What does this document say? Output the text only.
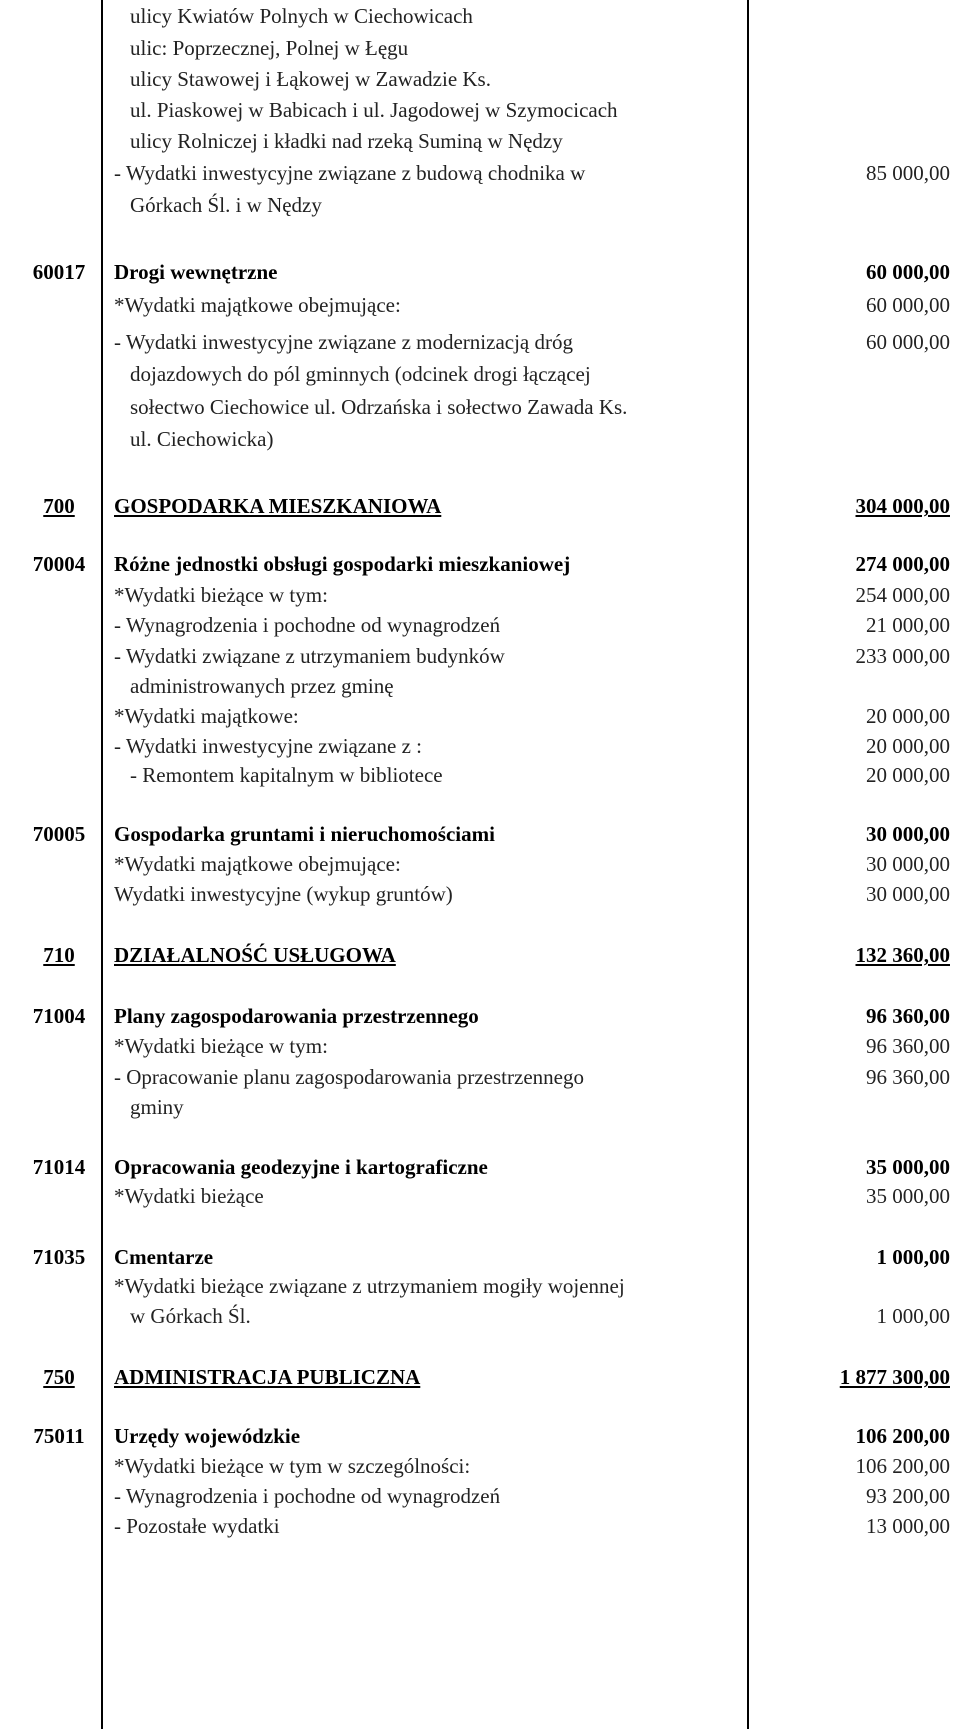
ulicy Kwiatów Polnych w Ciechowicach
ulic: Poprzecznej, Polnej w Łęgu
ulicy Stawowej i Łąkowej w Zawadzie Ks.
ul. Piaskowej w Babicach i ul. Jagodowej w Szymocicach
ulicy Rolniczej i kładki nad rzeką Suminą w Nędzy
- Wydatki inwestycyjne związane z budową chodnika w	85 000,00
Górkach Śl. i w Nędzy
60017	Drogi wewnętrzne	60 000,00
*Wydatki majątkowe obejmujące:	60 000,00
- Wydatki inwestycyjne związane z modernizacją dróg	60 000,00
dojazdowych do pól gminnych (odcinek drogi łączącej
sołectwo Ciechowice ul. Odrzańska i sołectwo Zawada Ks.
ul. Ciechowicka)
700	GOSPODARKA MIESZKANIOWA	304 000,00
70004	Różne jednostki obsługi gospodarki mieszkaniowej	274 000,00
*Wydatki bieżące w tym:	254 000,00
- Wynagrodzenia i pochodne od wynagrodzeń	21 000,00
- Wydatki związane z utrzymaniem budynków	233 000,00
administrowanych przez gminę
*Wydatki majątkowe:	20 000,00
- Wydatki inwestycyjne związane z :	20 000,00
- Remontem kapitalnym w bibliotece	20 000,00
70005	Gospodarka gruntami i nieruchomościami	30 000,00
*Wydatki majątkowe obejmujące:	30 000,00
Wydatki inwestycyjne (wykup gruntów)	30 000,00
710	DZIAŁALNOŚĆ USŁUGOWA	132 360,00
71004	Plany zagospodarowania przestrzennego	96 360,00
*Wydatki bieżące w tym:	96 360,00
- Opracowanie planu zagospodarowania przestrzennego	96 360,00
gminy
71014	Opracowania geodezyjne i kartograficzne	35 000,00
*Wydatki bieżące	35 000,00
71035	Cmentarze	1 000,00
*Wydatki bieżące związane z utrzymaniem mogiły wojennej
w Górkach Śl.	1 000,00
750	ADMINISTRACJA PUBLICZNA	1 877 300,00
75011	Urzędy wojewódzkie	106 200,00
*Wydatki bieżące w tym w szczególności:	106 200,00
- Wynagrodzenia i pochodne od wynagrodzeń	93 200,00
- Pozostałe wydatki	13 000,00
